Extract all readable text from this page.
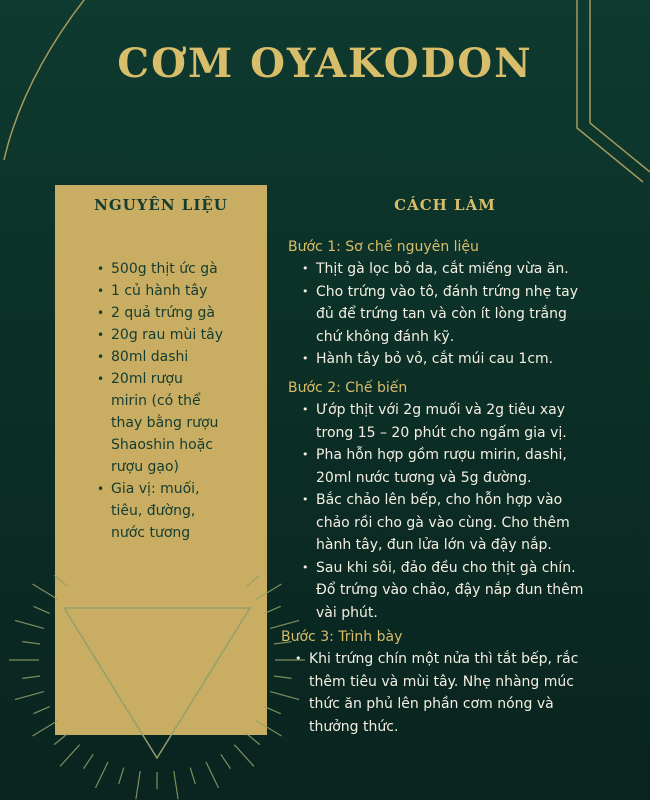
CƠM OYAKODON
NGUYÊN LIỆU
• 500g thịt ức gà
• 1 củ hành tây
• 2 quả trứng gà
• 20g rau mùi tây
• 80ml dashi
• 20ml rượu mirin (có thể thay bằng rượu Shaoshin hoặc rượu gạo)
• Gia vị: muối, tiêu, đường, nước tương
CÁCH LÀM
Bước 1: Sơ chế nguyên liệu
• Thịt gà lọc bỏ da, cắt miếng vừa ăn.
• Cho trứng vào tô, đánh trứng nhẹ tay đủ để trứng tan và còn ít lòng trắng chứ không đánh kỹ.
• Hành tây bỏ vỏ, cắt múi cau 1cm.
Bước 2: Chế biến
• Ướp thịt với 2g muối và 2g tiêu xay trong 15 – 20 phút cho ngấm gia vị.
• Pha hỗn hợp gồm rượu mirin, dashi, 20ml nước tương và 5g đường.
• Bắc chảo lên bếp, cho hỗn hợp vào chảo rồi cho gà vào cùng. Cho thêm hành tây, đun lửa lớn và đậy nắp.
• Sau khi sôi, đảo đều cho thịt gà chín. Đổ trứng vào chảo, đậy nắp đun thêm vài phút.
Bước 3: Trình bày
• Khi trứng chín một nửa thì tắt bếp, rắc thêm tiêu và mùi tây. Nhẹ nhàng múc thức ăn phủ lên phần cơm nóng và thưởng thức.
